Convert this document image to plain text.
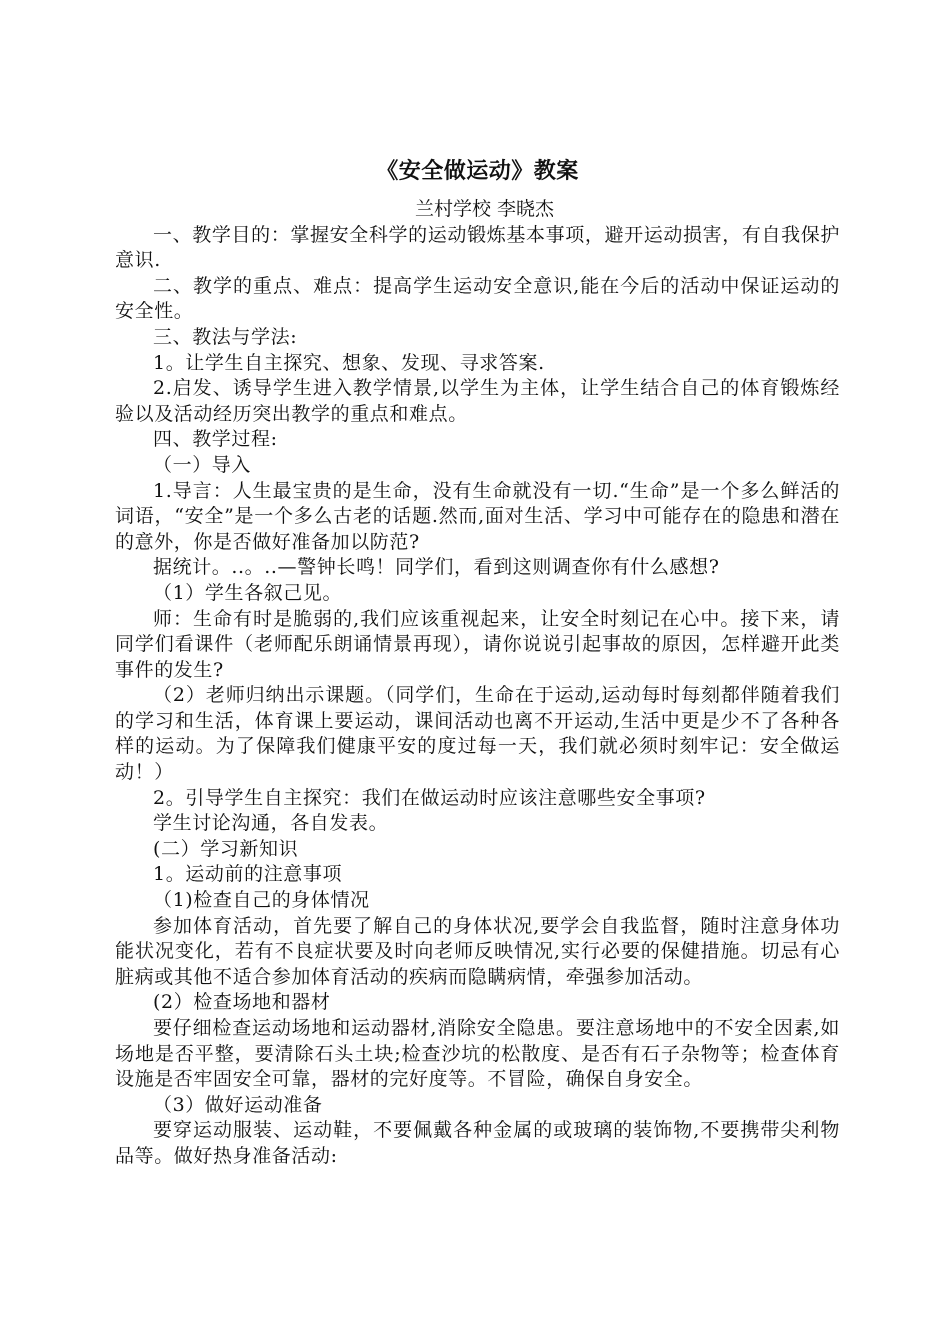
《安全做运动》教案

兰村学校 李晓杰

一、教学目的：掌握安全科学的运动锻炼基本事项，避开运动损害，有自我保护意识.

二、教学的重点、难点：提高学生运动安全意识,能在今后的活动中保证运动的安全性。

三、教法与学法:

1。让学生自主探究、想象、发现、寻求答案.

2.启发、诱导学生进入教学情景,以学生为主体，让学生结合自己的体育锻炼经验以及活动经历突出教学的重点和难点。

四、教学过程:

（一）导入

1.导言：人生最宝贵的是生命，没有生命就没有一切.“生命”是一个多么鲜活的词语，“安全”是一个多么古老的话题.然而,面对生活、学习中可能存在的隐患和潜在的意外，你是否做好准备加以防范?

据统计。..。..—警钟长鸣！同学们，看到这则调查你有什么感想?

（1）学生各叙己见。

师：生命有时是脆弱的,我们应该重视起来，让安全时刻记在心中。接下来，请同学们看课件（老师配乐朗诵情景再现），请你说说引起事故的原因，怎样避开此类事件的发生?

（2）老师归纳出示课题。（同学们，生命在于运动,运动每时每刻都伴随着我们的学习和生活，体育课上要运动，课间活动也离不开运动,生活中更是少不了各种各样的运动。为了保障我们健康平安的度过每一天，我们就必须时刻牢记：安全做运动！）

2。引导学生自主探究：我们在做运动时应该注意哪些安全事项?

学生讨论沟通，各自发表。

(二）学习新知识

1。运动前的注意事项

（1)检查自己的身体情况

参加体育活动，首先要了解自己的身体状况,要学会自我监督，随时注意身体功能状况变化，若有不良症状要及时向老师反映情况,实行必要的保健措施。切忌有心脏病或其他不适合参加体育活动的疾病而隐瞒病情，牵强参加活动。

(2）检查场地和器材

要仔细检查运动场地和运动器材,消除安全隐患。要注意场地中的不安全因素,如场地是否平整，要清除石头土块;检查沙坑的松散度、是否有石子杂物等；检查体育设施是否牢固安全可靠，器材的完好度等。不冒险，确保自身安全。

（3）做好运动准备

要穿运动服装、运动鞋，不要佩戴各种金属的或玻璃的装饰物,不要携带尖利物品等。做好热身准备活动:
